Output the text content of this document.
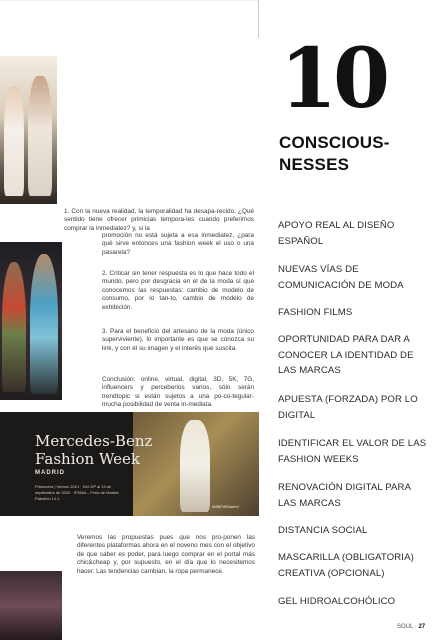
1. Con la nueva realidad, la temporalidad ha desapa-recido. ¿Qué sentido tiene ofrecer primicias tempora-les cuando preferimos comprar la inmediatez? y, si la

promoción no está sujeta a esa inmediatez, ¿para qué sirve entonces una fashion week el uso o una pasarela?

2. Criticar sin tener respuesta es lo que hace todo el mundo, pero por desgracia en el de la moda sí que conocemos las respuestas: cambio de modelo de consumo, por lo tan-to, cambio de modelo de exhibición.

3. Para el beneficio del artesano de la moda (único superviviente), lo importante es que se conozca su link, y con él su imagen y el interés que suscita.

Conclusión: online, virtual, digital, 3D, 5K, 7G, influencers y perceberios varios, sólo serán trendtopic si están sujetos a una po-co-tegular-mucha posibilidad de venta in-mediata.

Mercedes-Benz
Fashion Week
MADRID
Primavera | Verano 2021 · Del 10ª al 13 de septiembre de 2020 · IFEMA – Feria de Madrid. Pabellón 14.1
#MBFWMadrid

Veremos las propuestas pues que nos pro-ponen las diferentes plataformas ahora en el noveno mes con el objetivo de que saber es poder, para luego comprar en el portal más chic&cheap y, por supuesto, en el día que lo necesitemos hacer. Las tendencias cambian, la ropa permanece.

10
CONSCIOUS-
NESSES
APOYO REAL AL DISEÑO ESPAÑOL
NUEVAS VÍAS DE COMUNICACIÓN DE MODA
FASHION FILMS
OPORTUNIDAD PARA DAR A CONOCER LA IDENTIDAD DE LAS MARCAS
APUESTA (FORZADA) POR LO DIGITAL
IDENTIFICAR EL VALOR DE LAS FASHION WEEKS
RENOVACIÓN DIGITAL PARA LAS MARCAS
DISTANCIA SOCIAL
MASCARILLA (OBLIGATORIA) CREATIVA (OPCIONAL)
GEL HIDROALCOHÓLICO
SOUL · 27
